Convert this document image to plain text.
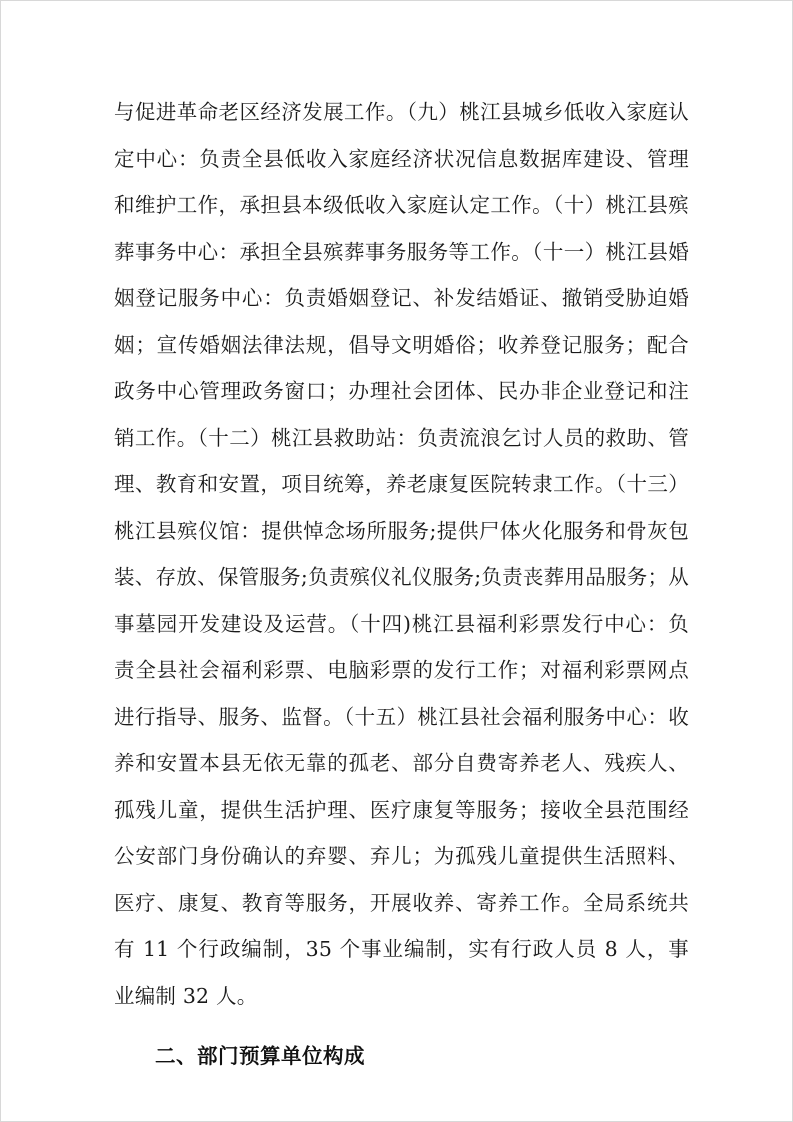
与促进革命老区经济发展工作。（九）桃江县城乡低收入家庭认定中心：负责全县低收入家庭经济状况信息数据库建设、管理和维护工作，承担县本级低收入家庭认定工作。（十）桃江县殡葬事务中心：承担全县殡葬事务服务等工作。（十一）桃江县婚姻登记服务中心：负责婚姻登记、补发结婚证、撤销受胁迫婚姻；宣传婚姻法律法规，倡导文明婚俗；收养登记服务；配合政务中心管理政务窗口；办理社会团体、民办非企业登记和注销工作。（十二）桃江县救助站：负责流浪乞讨人员的救助、管理、教育和安置，项目统筹，养老康复医院转隶工作。（十三）桃江县殡仪馆：提供悼念场所服务;提供尸体火化服务和骨灰包装、存放、保管服务;负责殡仪礼仪服务;负责丧葬用品服务；从事墓园开发建设及运营。（十四)桃江县福利彩票发行中心：负责全县社会福利彩票、电脑彩票的发行工作；对福利彩票网点进行指导、服务、监督。（十五）桃江县社会福利服务中心：收养和安置本县无依无靠的孤老、部分自费寄养老人、残疾人、孤残儿童，提供生活护理、医疗康复等服务；接收全县范围经公安部门身份确认的弃婴、弃儿；为孤残儿童提供生活照料、医疗、康复、教育等服务，开展收养、寄养工作。全局系统共有 11 个行政编制，35 个事业编制，实有行政人员 8 人，事业编制 32 人。

二、部门预算单位构成
